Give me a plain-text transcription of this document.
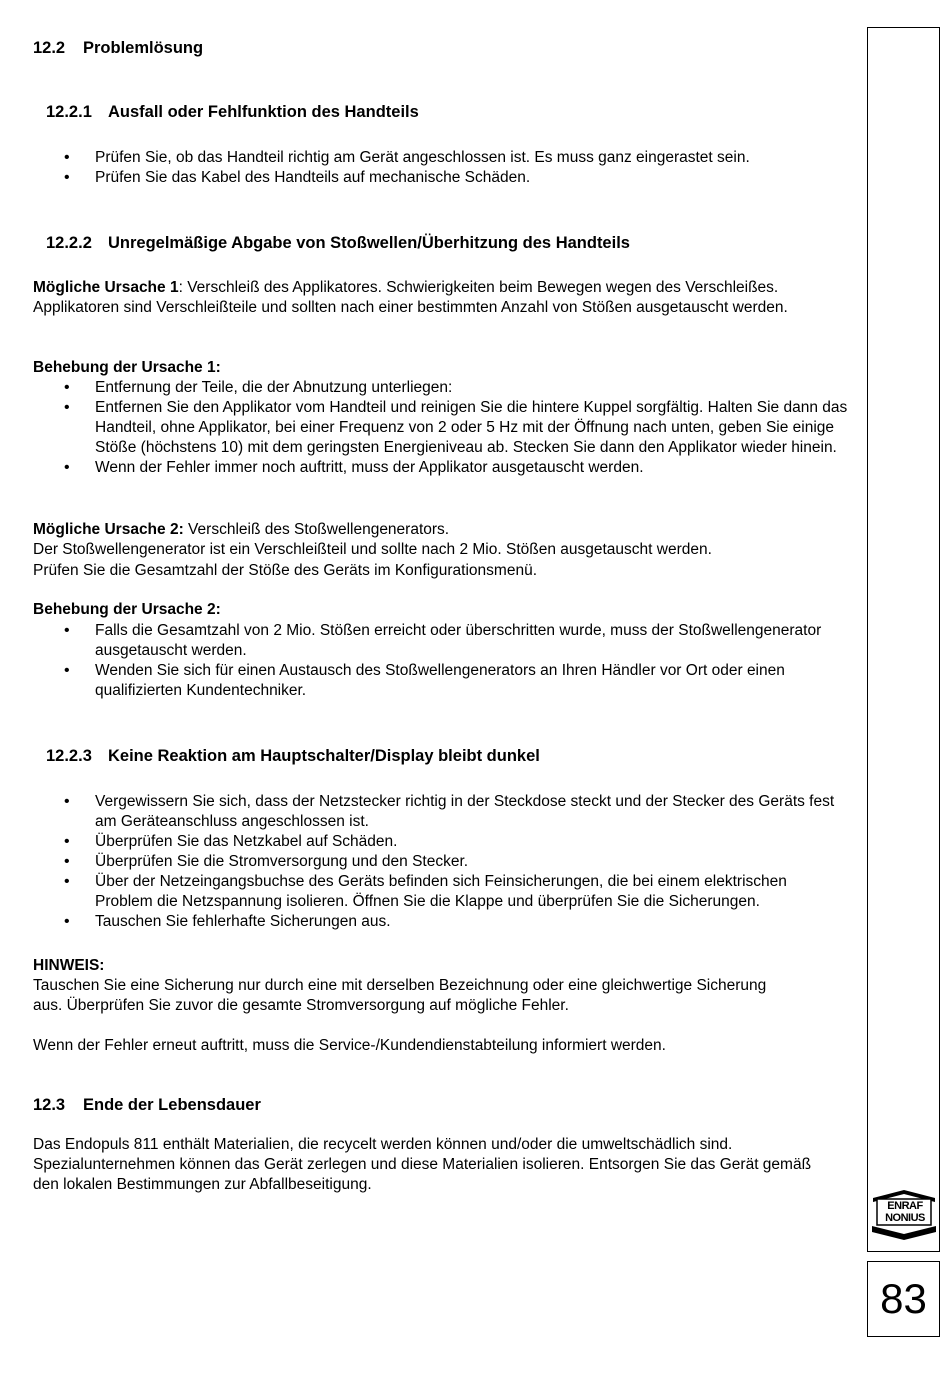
12.2 Problemlösung
12.2.1 Ausfall oder Fehlfunktion des Handteils
• Prüfen Sie, ob das Handteil richtig am Gerät angeschlossen ist. Es muss ganz eingerastet sein.
• Prüfen Sie das Kabel des Handteils auf mechanische Schäden.
12.2.2 Unregelmäßige Abgabe von Stoßwellen/Überhitzung des Handteils

Mögliche Ursache 1: Verschleiß des Applikatores. Schwierigkeiten beim Bewegen wegen des Verschleißes. Applikatoren sind Verschleißteile und sollten nach einer bestimmten Anzahl von Stößen ausgetauscht werden.

Behebung der Ursache 1:

• Entfernung der Teile, die der Abnutzung unterliegen:
• Entfernen Sie den Applikator vom Handteil und reinigen Sie die hintere Kuppel sorgfältig. Halten Sie dann das Handteil, ohne Applikator, bei einer Frequenz von 2 oder 5 Hz mit der Öffnung nach unten, geben Sie einige Stöße (höchstens 10) mit dem geringsten Energieniveau ab. Stecken Sie dann den Applikator wieder hinein.
• Wenn der Fehler immer noch auftritt, muss der Applikator ausgetauscht werden.

Mögliche Ursache 2: Verschleiß des Stoßwellengenerators.

Der Stoßwellengenerator ist ein Verschleißteil und sollte nach 2 Mio. Stößen ausgetauscht werden.

Prüfen Sie die Gesamtzahl der Stöße des Geräts im Konfigurationsmenü.

Behebung der Ursache 2:

• Falls die Gesamtzahl von 2 Mio. Stößen erreicht oder überschritten wurde, muss der Stoßwellengenerator ausgetauscht werden.
• Wenden Sie sich für einen Austausch des Stoßwellengenerators an Ihren Händler vor Ort oder einen qualifizierten Kundentechniker.
12.2.3 Keine Reaktion am Hauptschalter/Display bleibt dunkel
• Vergewissern Sie sich, dass der Netzstecker richtig in der Steckdose steckt und der Stecker des Geräts fest am Geräteanschluss angeschlossen ist.
• Überprüfen Sie das Netzkabel auf Schäden.
• Überprüfen Sie die Stromversorgung und den Stecker.
• Über der Netzeingangsbuchse des Geräts befinden sich Feinsicherungen, die bei einem elektrischen Problem die Netzspannung isolieren. Öffnen Sie die Klappe und überprüfen Sie die Sicherungen.
• Tauschen Sie fehlerhafte Sicherungen aus.

HINWEIS:

Tauschen Sie eine Sicherung nur durch eine mit derselben Bezeichnung oder eine gleichwertige Sicherung aus. Überprüfen Sie zuvor die gesamte Stromversorgung auf mögliche Fehler.

Wenn der Fehler erneut auftritt, muss die Service-/Kundendienstabteilung informiert werden.

12.3 Ende der Lebensdauer

Das Endopuls 811 enthält Materialien, die recycelt werden können und/oder die umweltschädlich sind. Spezialunternehmen können das Gerät zerlegen und diese Materialien isolieren. Entsorgen Sie das Gerät gemäß den lokalen Bestimmungen zur Abfallbeseitigung.

ENRAF
NONIUS
83
